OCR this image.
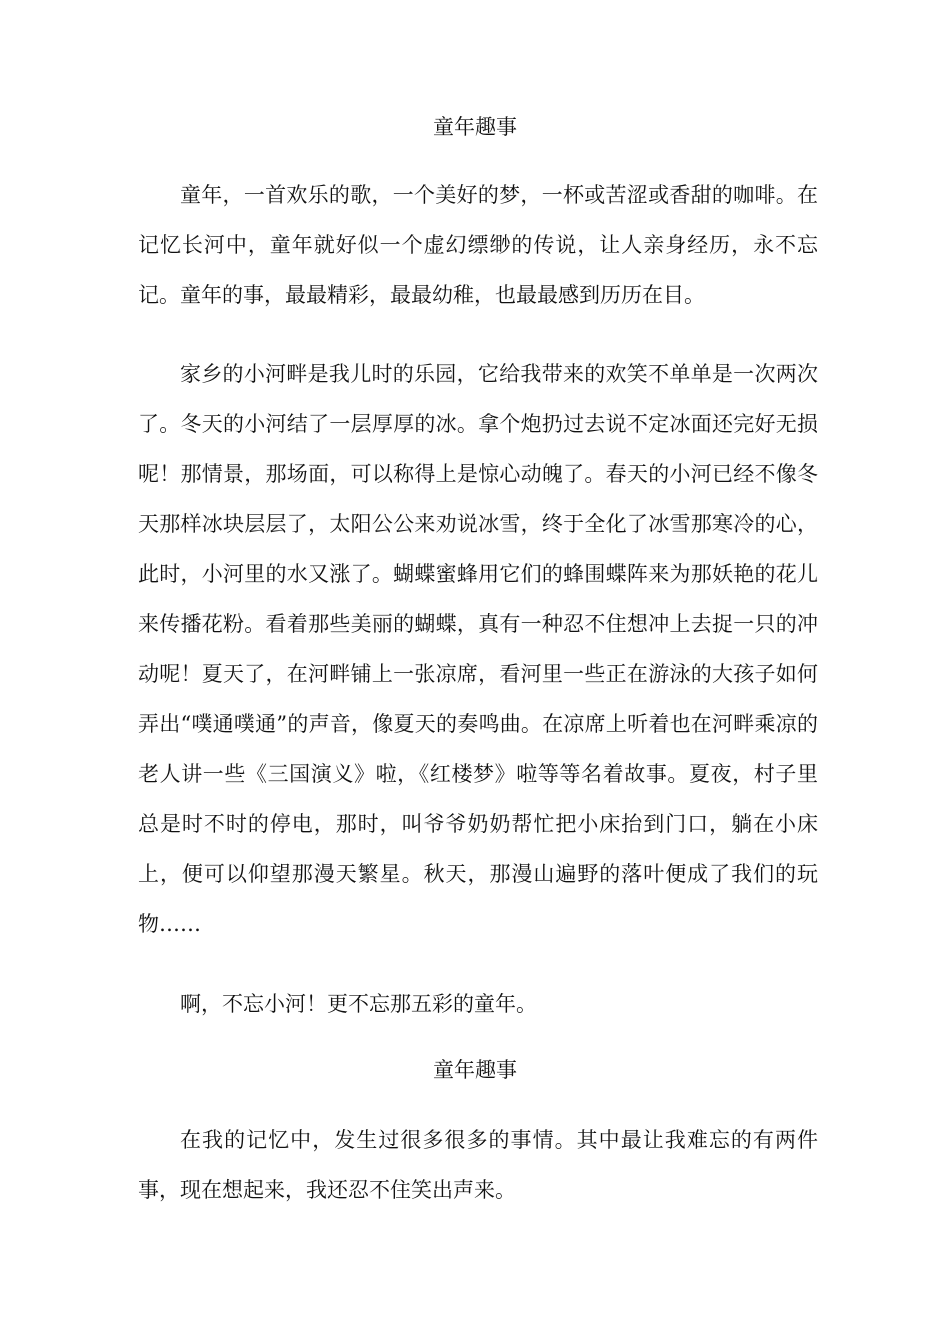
童年趣事

童年，一首欢乐的歌，一个美好的梦，一杯或苦涩或香甜的咖啡。在记忆长河中，童年就好似一个虚幻缥缈的传说，让人亲身经历，永不忘记。童年的事，最最精彩，最最幼稚，也最最感到历历在目。

家乡的小河畔是我儿时的乐园，它给我带来的欢笑不单单是一次两次了。冬天的小河结了一层厚厚的冰。拿个炮扔过去说不定冰面还完好无损呢！那情景，那场面，可以称得上是惊心动魄了。春天的小河已经不像冬天那样冰块层层了，太阳公公来劝说冰雪，终于全化了冰雪那寒冷的心，此时，小河里的水又涨了。蝴蝶蜜蜂用它们的蜂围蝶阵来为那妖艳的花儿来传播花粉。看着那些美丽的蝴蝶，真有一种忍不住想冲上去捉一只的冲动呢！夏天了，在河畔铺上一张凉席，看河里一些正在游泳的大孩子如何弄出“噗通噗通”的声音，像夏天的奏鸣曲。在凉席上听着也在河畔乘凉的老人讲一些《三国演义》啦，《红楼梦》啦等等名着故事。夏夜，村子里总是时不时的停电，那时，叫爷爷奶奶帮忙把小床抬到门口，躺在小床上，便可以仰望那漫天繁星。秋天，那漫山遍野的落叶便成了我们的玩物……

啊，不忘小河！更不忘那五彩的童年。

童年趣事

在我的记忆中，发生过很多很多的事情。其中最让我难忘的有两件事，现在想起来，我还忍不住笑出声来。
